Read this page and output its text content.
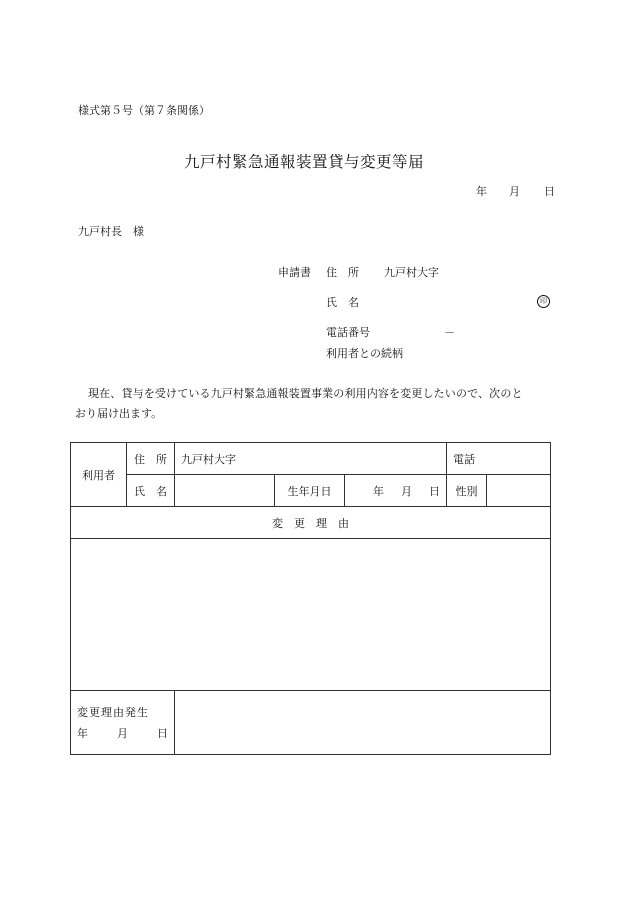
様式第５号（第７条関係）
九戸村緊急通報装置貸与変更等届
年 月 日
九戸村長　様
申請書 住　所 九戸村大字
氏　名	印
電話番号	－
利用者との続柄
現在、貸与を受けている九戸村緊急通報装置事業の利用内容を変更したいので、次のと
おり届け出ます。
利用者	住　所	九戸村大字			電話	
	氏　名		生年月日	年 月 日	性別	
変　更　理　由						

変更理由発生
年 月 日						
